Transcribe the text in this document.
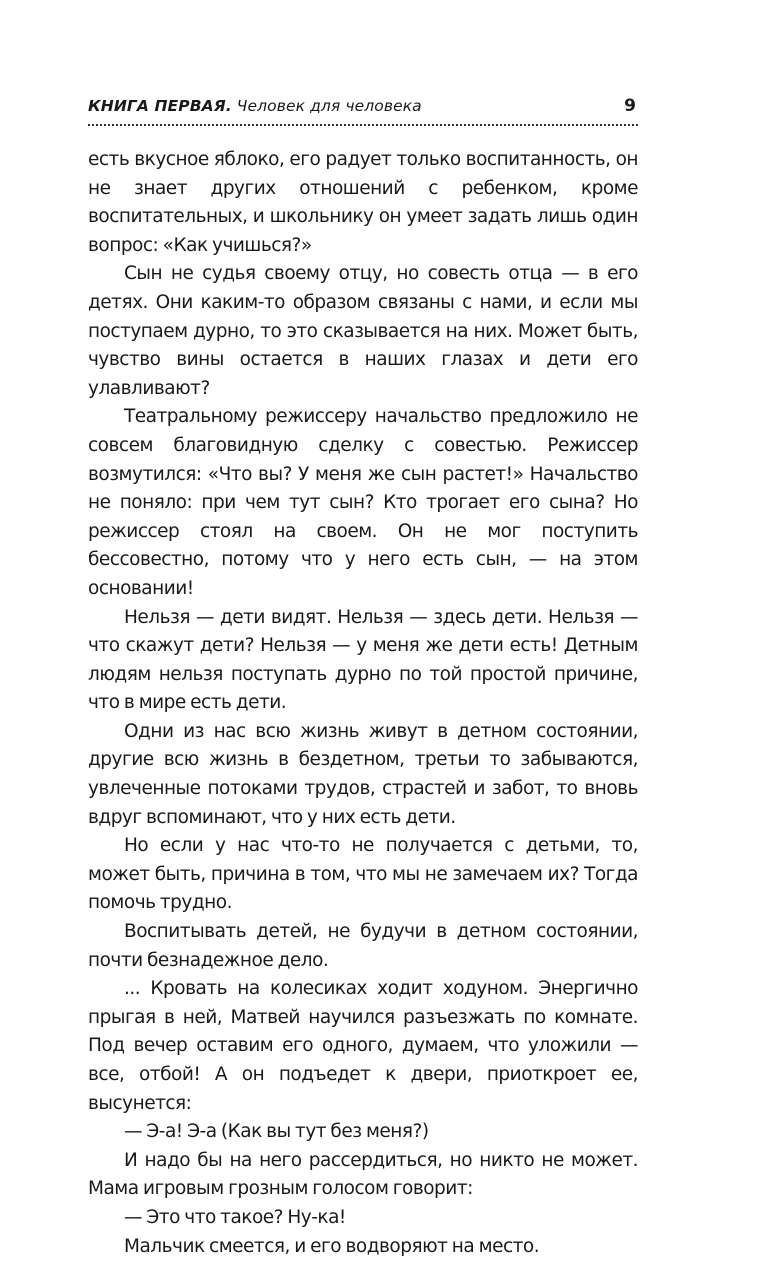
КНИГА ПЕРВАЯ. Человек для человека	9

есть вкусное яблоко, его радует только воспитанность, он не знает других отношений с ребенком, кроме воспитательных, и школьнику он умеет задать лишь один вопрос: «Как учишься?»

Сын не судья своему отцу, но совесть отца — в его детях. Они каким-то образом связаны с нами, и если мы поступаем дурно, то это сказывается на них. Может быть, чувство вины остается в наших глазах и дети его улавливают?

Театральному режиссеру начальство предложило не совсем благовидную сделку с совестью. Режиссер возмутился: «Что вы? У меня же сын растет!» Начальство не поняло: при чем тут сын? Кто трогает его сына? Но режиссер стоял на своем. Он не мог поступить бессовестно, потому что у него есть сын, — на этом основании!

Нельзя — дети видят. Нельзя — здесь дети. Нельзя — что скажут дети? Нельзя — у меня же дети есть! Детным людям нельзя поступать дурно по той простой причине, что в мире есть дети.

Одни из нас всю жизнь живут в детном состоянии, другие всю жизнь в бездетном, третьи то забываются, увлеченные потоками трудов, страстей и забот, то вновь вдруг вспоминают, что у них есть дети.

Но если у нас что-то не получается с детьми, то, может быть, причина в том, что мы не замечаем их? Тогда помочь трудно.

Воспитывать детей, не будучи в детном состоянии, почти безнадежное дело.

... Кровать на колесиках ходит ходуном. Энергично прыгая в ней, Матвей научился разъезжать по комнате. Под вечер оставим его одного, думаем, что уложили — все, отбой! А он подъедет к двери, приоткроет ее, высунется:

— Э-а! Э-а (Как вы тут без меня?)

И надо бы на него рассердиться, но никто не может. Мама игровым грозным голосом говорит:

— Это что такое? Ну-ка!

Мальчик смеется, и его водворяют на место.
